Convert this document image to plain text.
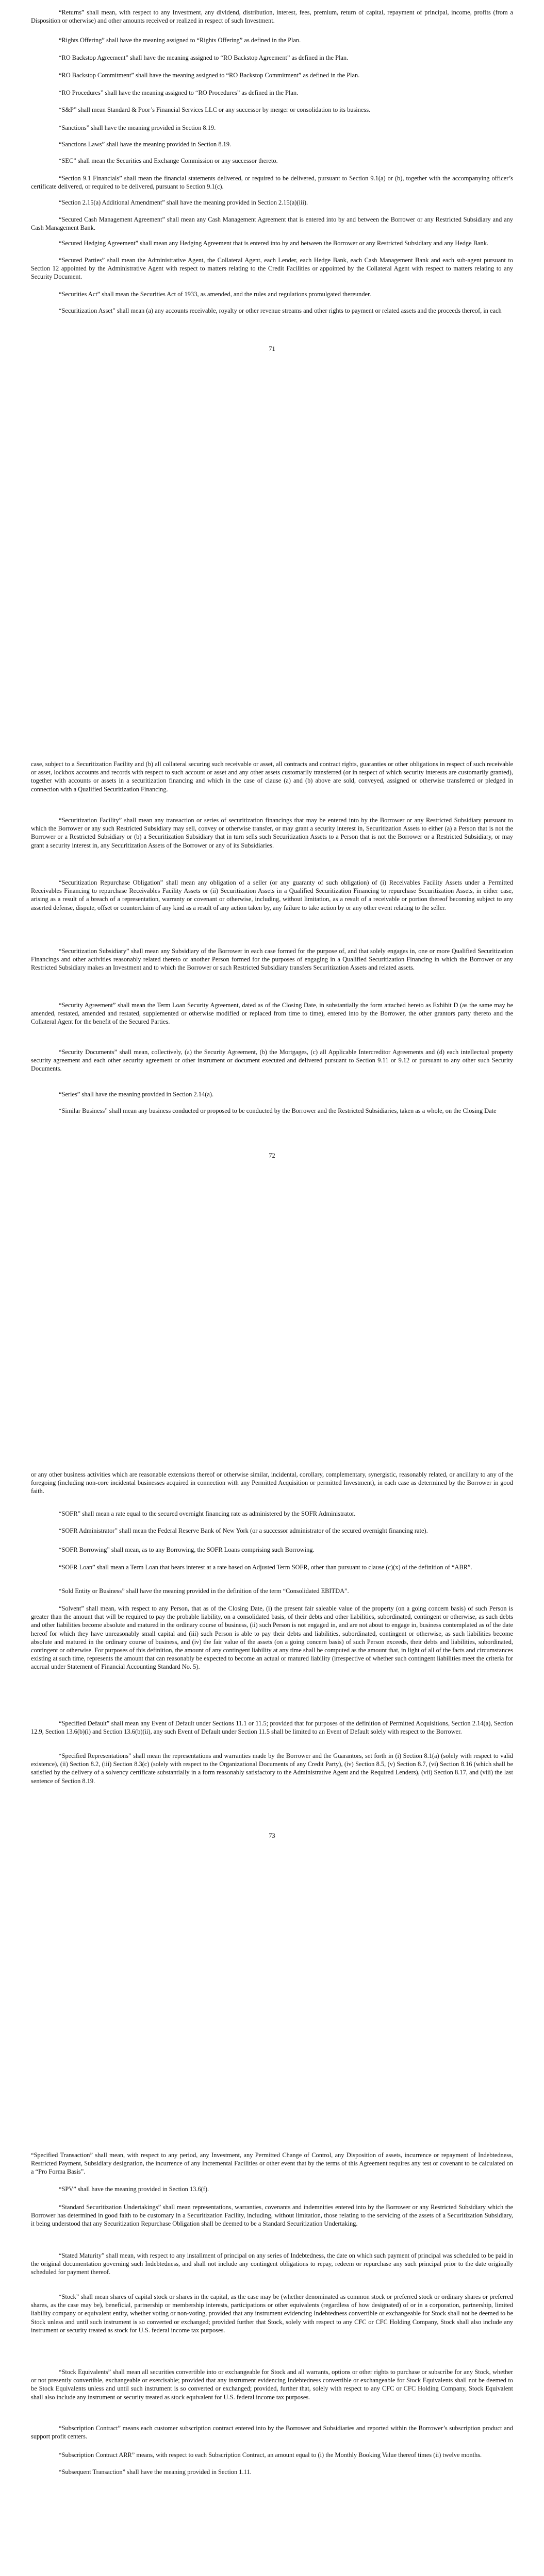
“Returns” shall mean, with respect to any Investment, any dividend, distribution, interest, fees, premium, return of capital, repayment of principal, income, profits (from a Disposition or otherwise) and other amounts received or realized in respect of such Investment.

“Rights Offering” shall have the meaning assigned to “Rights Offering” as defined in the Plan.

“RO Backstop Agreement” shall have the meaning assigned to “RO Backstop Agreement” as defined in the Plan.

“RO Backstop Commitment” shall have the meaning assigned to “RO Backstop Commitment” as defined in the Plan.

“RO Procedures” shall have the meaning assigned to “RO Procedures” as defined in the Plan.

“S&P” shall mean Standard & Poor’s Financial Services LLC or any successor by merger or consolidation to its business.

“Sanctions” shall have the meaning provided in Section 8.19.

“Sanctions Laws” shall have the meaning provided in Section 8.19.

“SEC” shall mean the Securities and Exchange Commission or any successor thereto.

“Section 9.1 Financials” shall mean the financial statements delivered, or required to be delivered, pursuant to Section 9.1(a) or (b), together with the accompanying officer’s certificate delivered, or required to be delivered, pursuant to Section 9.1(c).

“Section 2.15(a) Additional Amendment” shall have the meaning provided in Section 2.15(a)(iii).

“Secured Cash Management Agreement” shall mean any Cash Management Agreement that is entered into by and between the Borrower or any Restricted Subsidiary and any Cash Management Bank.

“Secured Hedging Agreement” shall mean any Hedging Agreement that is entered into by and between the Borrower or any Restricted Subsidiary and any Hedge Bank.

“Secured Parties” shall mean the Administrative Agent, the Collateral Agent, each Lender, each Hedge Bank, each Cash Management Bank and each sub-agent pursuant to Section 12 appointed by the Administrative Agent with respect to matters relating to the Credit Facilities or appointed by the Collateral Agent with respect to matters relating to any Security Document.

“Securities Act” shall mean the Securities Act of 1933, as amended, and the rules and regulations promulgated thereunder.

“Securitization Asset” shall mean (a) any accounts receivable, royalty or other revenue streams and other rights to payment or related assets and the proceeds thereof, in each

71

case, subject to a Securitization Facility and (b) all collateral securing such receivable or asset, all contracts and contract rights, guaranties or other obligations in respect of such receivable or asset, lockbox accounts and records with respect to such account or asset and any other assets customarily transferred (or in respect of which security interests are customarily granted), together with accounts or assets in a securitization financing and which in the case of clause (a) and (b) above are sold, conveyed, assigned or otherwise transferred or pledged in connection with a Qualified Securitization Financing.

“Securitization Facility” shall mean any transaction or series of securitization financings that may be entered into by the Borrower or any Restricted Subsidiary pursuant to which the Borrower or any such Restricted Subsidiary may sell, convey or otherwise transfer, or may grant a security interest in, Securitization Assets to either (a) a Person that is not the Borrower or a Restricted Subsidiary or (b) a Securitization Subsidiary that in turn sells such Securitization Assets to a Person that is not the Borrower or a Restricted Subsidiary, or may grant a security interest in, any Securitization Assets of the Borrower or any of its Subsidiaries.

“Securitization Repurchase Obligation” shall mean any obligation of a seller (or any guaranty of such obligation) of (i) Receivables Facility Assets under a Permitted Receivables Financing to repurchase Receivables Facility Assets or (ii) Securitization Assets in a Qualified Securitization Financing to repurchase Securitization Assets, in either case, arising as a result of a breach of a representation, warranty or covenant or otherwise, including, without limitation, as a result of a receivable or portion thereof becoming subject to any asserted defense, dispute, offset or counterclaim of any kind as a result of any action taken by, any failure to take action by or any other event relating to the seller.

“Securitization Subsidiary” shall mean any Subsidiary of the Borrower in each case formed for the purpose of, and that solely engages in, one or more Qualified Securitization Financings and other activities reasonably related thereto or another Person formed for the purposes of engaging in a Qualified Securitization Financing in which the Borrower or any Restricted Subsidiary makes an Investment and to which the Borrower or such Restricted Subsidiary transfers Securitization Assets and related assets.

“Security Agreement” shall mean the Term Loan Security Agreement, dated as of the Closing Date, in substantially the form attached hereto as Exhibit D (as the same may be amended, restated, amended and restated, supplemented or otherwise modified or replaced from time to time), entered into by the Borrower, the other grantors party thereto and the Collateral Agent for the benefit of the Secured Parties.

“Security Documents” shall mean, collectively, (a) the Security Agreement, (b) the Mortgages, (c) all Applicable Intercreditor Agreements and (d) each intellectual property security agreement and each other security agreement or other instrument or document executed and delivered pursuant to Section 9.11 or 9.12 or pursuant to any other such Security Documents.

“Series” shall have the meaning provided in Section 2.14(a).

“Similar Business” shall mean any business conducted or proposed to be conducted by the Borrower and the Restricted Subsidiaries, taken as a whole, on the Closing Date

72

or any other business activities which are reasonable extensions thereof or otherwise similar, incidental, corollary, complementary, synergistic, reasonably related, or ancillary to any of the foregoing (including non-core incidental businesses acquired in connection with any Permitted Acquisition or permitted Investment), in each case as determined by the Borrower in good faith.

“SOFR” shall mean a rate equal to the secured overnight financing rate as administered by the SOFR Administrator.

“SOFR Administrator” shall mean the Federal Reserve Bank of New York (or a successor administrator of the secured overnight financing rate).

“SOFR Borrowing” shall mean, as to any Borrowing, the SOFR Loans comprising such Borrowing.

“SOFR Loan” shall mean a Term Loan that bears interest at a rate based on Adjusted Term SOFR, other than pursuant to clause (c)(x) of the definition of “ABR”.

“Sold Entity or Business” shall have the meaning provided in the definition of the term “Consolidated EBITDA”.

“Solvent” shall mean, with respect to any Person, that as of the Closing Date, (i) the present fair saleable value of the property (on a going concern basis) of such Person is greater than the amount that will be required to pay the probable liability, on a consolidated basis, of their debts and other liabilities, subordinated, contingent or otherwise, as such debts and other liabilities become absolute and matured in the ordinary course of business, (ii) such Person is not engaged in, and are not about to engage in, business contemplated as of the date hereof for which they have unreasonably small capital and (iii) such Person is able to pay their debts and liabilities, subordinated, contingent or otherwise, as such liabilities become absolute and matured in the ordinary course of business, and (iv) the fair value of the assets (on a going concern basis) of such Person exceeds, their debts and liabilities, subordinated, contingent or otherwise. For purposes of this definition, the amount of any contingent liability at any time shall be computed as the amount that, in light of all of the facts and circumstances existing at such time, represents the amount that can reasonably be expected to become an actual or matured liability (irrespective of whether such contingent liabilities meet the criteria for accrual under Statement of Financial Accounting Standard No. 5).

“Specified Default” shall mean any Event of Default under Sections 11.1 or 11.5; provided that for purposes of the definition of Permitted Acquisitions, Section 2.14(a), Section 12.9, Section 13.6(b)(i) and Section 13.6(b)(ii), any such Event of Default under Section 11.5 shall be limited to an Event of Default solely with respect to the Borrower.

“Specified Representations” shall mean the representations and warranties made by the Borrower and the Guarantors, set forth in (i) Section 8.1(a) (solely with respect to valid existence), (ii) Section 8.2, (iii) Section 8.3(c) (solely with respect to the Organizational Documents of any Credit Party), (iv) Section 8.5, (v) Section 8.7, (vi) Section 8.16 (which shall be satisfied by the delivery of a solvency certificate substantially in a form reasonably satisfactory to the Administrative Agent and the Required Lenders), (vii) Section 8.17, and (viii) the last sentence of Section 8.19.

73

“Specified Transaction” shall mean, with respect to any period, any Investment, any Permitted Change of Control, any Disposition of assets, incurrence or repayment of Indebtedness, Restricted Payment, Subsidiary designation, the incurrence of any Incremental Facilities or other event that by the terms of this Agreement requires any test or covenant to be calculated on a “Pro Forma Basis”.

“SPV” shall have the meaning provided in Section 13.6(f).

“Standard Securitization Undertakings” shall mean representations, warranties, covenants and indemnities entered into by the Borrower or any Restricted Subsidiary which the Borrower has determined in good faith to be customary in a Securitization Facility, including, without limitation, those relating to the servicing of the assets of a Securitization Subsidiary, it being understood that any Securitization Repurchase Obligation shall be deemed to be a Standard Securitization Undertaking.

“Stated Maturity” shall mean, with respect to any installment of principal on any series of Indebtedness, the date on which such payment of principal was scheduled to be paid in the original documentation governing such Indebtedness, and shall not include any contingent obligations to repay, redeem or repurchase any such principal prior to the date originally scheduled for payment thereof.

“Stock” shall mean shares of capital stock or shares in the capital, as the case may be (whether denominated as common stock or preferred stock or ordinary shares or preferred shares, as the case may be), beneficial, partnership or membership interests, participations or other equivalents (regardless of how designated) of or in a corporation, partnership, limited liability company or equivalent entity, whether voting or non-voting, provided that any instrument evidencing Indebtedness convertible or exchangeable for Stock shall not be deemed to be Stock unless and until such instrument is so converted or exchanged; provided further that Stock, solely with respect to any CFC or CFC Holding Company, Stock shall also include any instrument or security treated as stock for U.S. federal income tax purposes.

“Stock Equivalents” shall mean all securities convertible into or exchangeable for Stock and all warrants, options or other rights to purchase or subscribe for any Stock, whether or not presently convertible, exchangeable or exercisable; provided that any instrument evidencing Indebtedness convertible or exchangeable for Stock Equivalents shall not be deemed to be Stock Equivalents unless and until such instrument is so converted or exchanged; provided, further that, solely with respect to any CFC or CFC Holding Company, Stock Equivalent shall also include any instrument or security treated as stock equivalent for U.S. federal income tax purposes.

“Subscription Contract” means each customer subscription contract entered into by the Borrower and Subsidiaries and reported within the Borrower’s subscription product and support profit centers.

“Subscription Contract ARR” means, with respect to each Subscription Contract, an amount equal to (i) the Monthly Booking Value thereof times (ii) twelve months.

“Subsequent Transaction” shall have the meaning provided in Section 1.11.
